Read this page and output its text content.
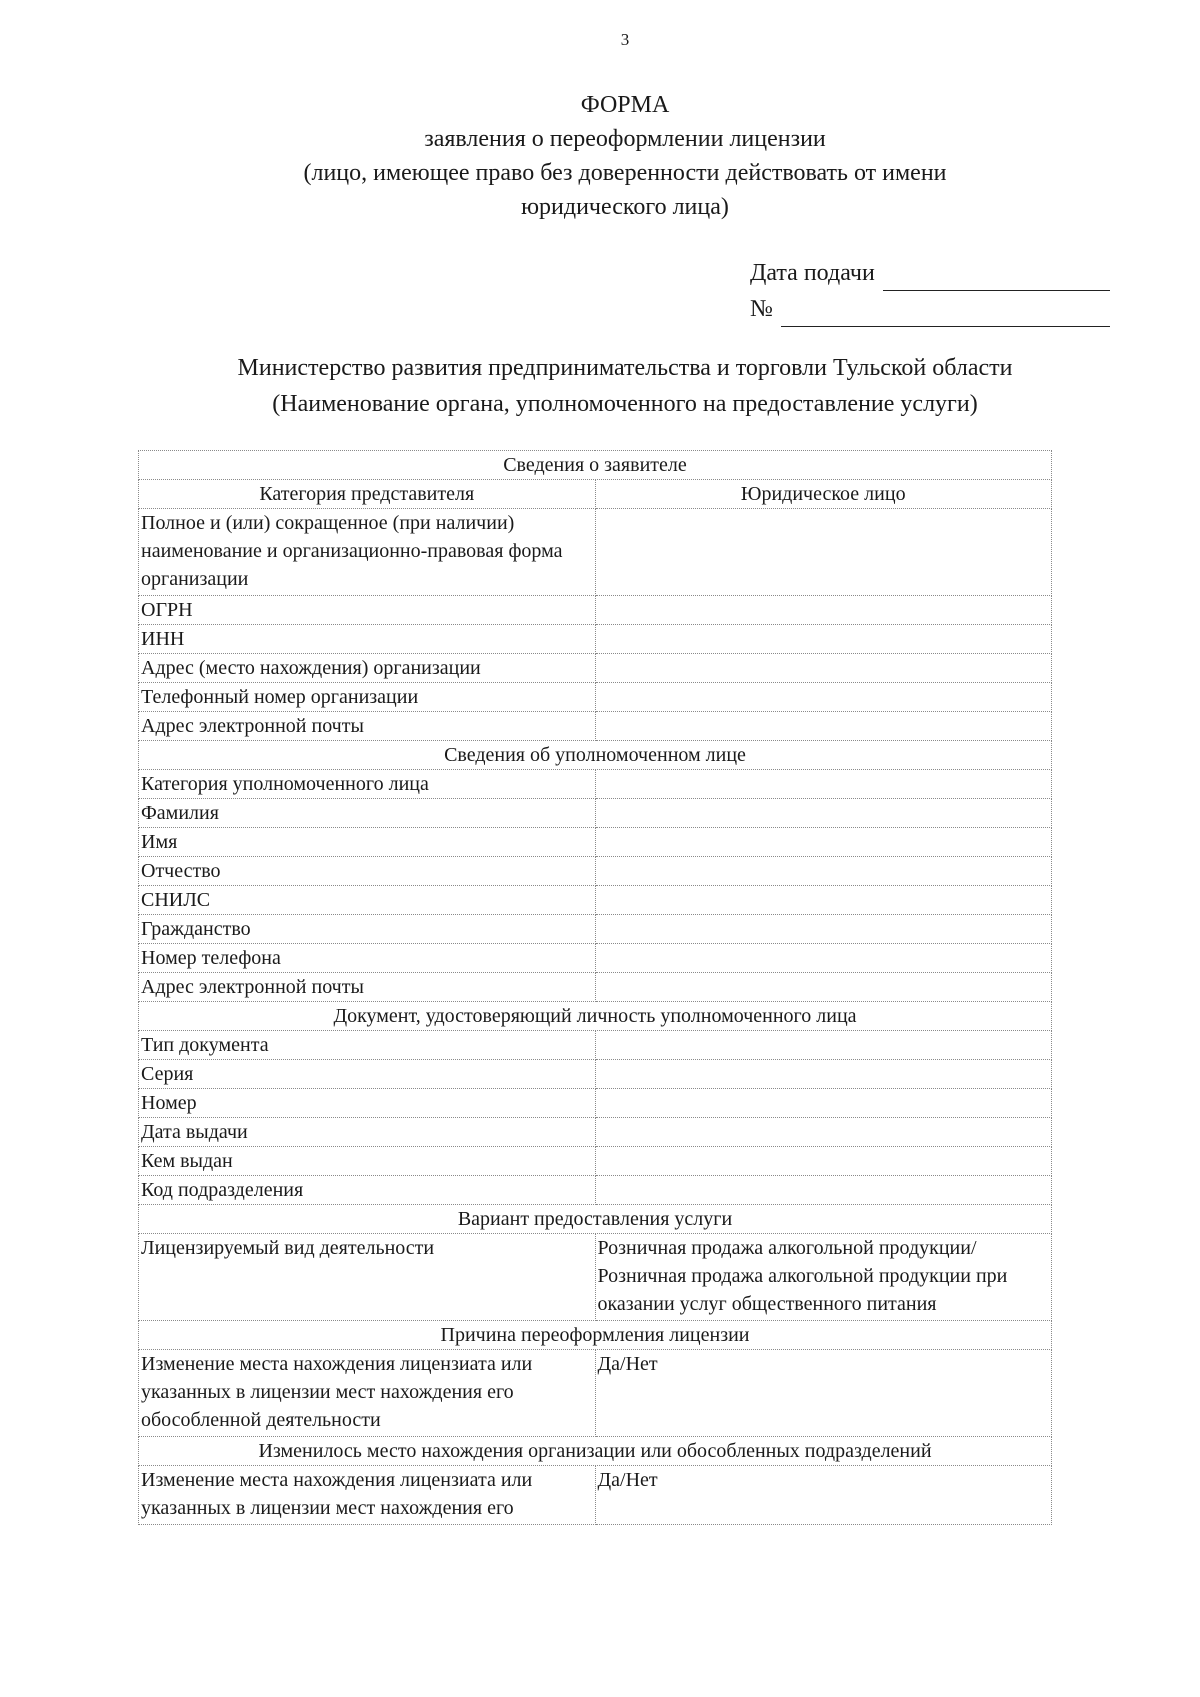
3
ФОРМА
заявления о переоформлении лицензии
(лицо, имеющее право без доверенности действовать от имени
юридического лица)
Дата подачи
№
Министерство развития предпринимательства и торговли Тульской области
(Наименование органа, уполномоченного на предоставление услуги)
Сведения о заявителе	
Категория представителя	Юридическое лицо
Полное и (или) сокращенное (при наличии) наименование и организационно-правовая форма организации	
ОГРН	
ИНН	
Адрес (место нахождения) организации	
Телефонный номер организации	
Адрес электронной почты	
Сведения об уполномоченном лице	
Категория уполномоченного лица	
Фамилия	
Имя	
Отчество	
СНИЛС	
Гражданство	
Номер телефона	
Адрес электронной почты	
Документ, удостоверяющий личность уполномоченного лица	
Тип документа	
Серия	
Номер	
Дата выдачи	
Кем выдан	
Код подразделения	
Вариант предоставления услуги	
Лицензируемый вид деятельности	Розничная продажа алкогольной продукции/Розничная продажа алкогольной продукции при оказании услуг общественного питания
Причина переоформления лицензии	
Изменение места нахождения лицензиата или указанных в лицензии мест нахождения его обособленной деятельности	Да/Нет
Изменилось место нахождения организации или обособленных подразделений	
Изменение места нахождения лицензиата или указанных в лицензии мест нахождения его	Да/Нет
